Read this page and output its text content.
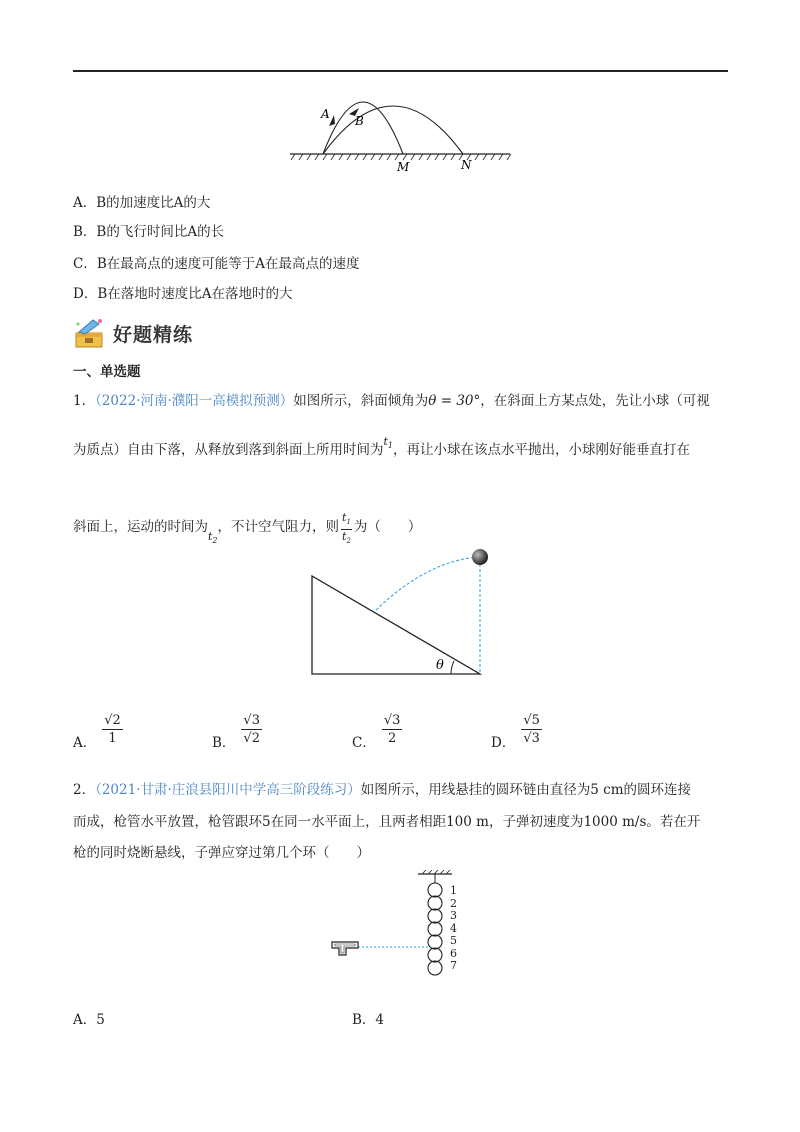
A B
M	N
A．B的加速度比A的大
B．B的飞行时间比A的长
C．B在最高点的速度可能等于A在最高点的速度
D．B在落地时速度比A在落地时的大
好题精练
一、单选题
1．（2022·河南·濮阳一高模拟预测）如图所示，斜面倾角为θ = 30°，在斜面上方某点处，先让小球（可视
为质点）自由下落，从释放到落到斜面上所用时间为$^{t_1}$，再让小球在该点水平抛出，小球刚好能垂直打在
斜面上，运动的时间为$_{t_2}$，不计空气阻力，则 $\frac{t_1}{t_2}$ 为（　　）
θ
A．
√2
1	B．
√3
√2	C．
√3
2	D．
√5
√3
2．（2021·甘肃·庄浪县阳川中学高三阶段练习）如图所示，用线悬挂的圆环链由直径为5 cm的圆环连接
而成，枪管水平放置，枪管跟环5在同一水平面上，且两者相距100 m，子弹初速度为1000 m/s。若在开
枪的同时烧断悬线，子弹应穿过第几个环（　　）
1
2
3
4
5
6
7
A．5	B．4
